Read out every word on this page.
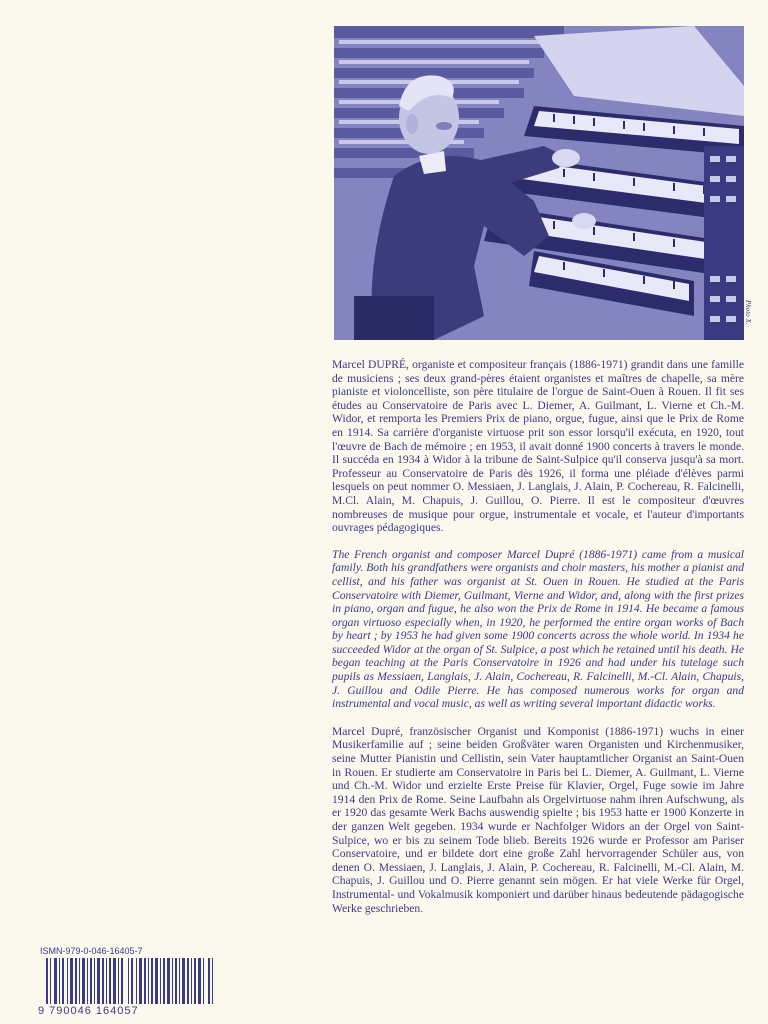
Photo X.

Marcel DUPRÉ, organiste et compositeur français (1886-1971) grandit dans une famille de musiciens ; ses deux grand-pères étaient organistes et maîtres de chapelle, sa mère pianiste et violoncelliste, son père titulaire de l'orgue de Saint-Ouen à Rouen. Il fit ses études au Conservatoire de Paris avec L. Diemer, A. Guilmant, L. Vierne et Ch.-M. Widor, et remporta les Premiers Prix de piano, orgue, fugue, ainsi que le Prix de Rome en 1914. Sa carrière d'organiste virtuose prit son essor lorsqu'il exécuta, en 1920, tout l'œuvre de Bach de mémoire ; en 1953, il avait donné 1900 concerts à travers le monde. Il succéda en 1934 à Widor à la tribune de Saint-Sulpice qu'il conserva jusqu'à sa mort. Professeur au Conservatoire de Paris dès 1926, il forma une pléiade d'élèves parmi lesquels on peut nommer O. Messiaen, J. Langlais, J. Alain, P. Cochereau, R. Falcinelli, M.Cl. Alain, M. Chapuis, J. Guillou, O. Pierre. Il est le compositeur d'œuvres nombreuses de musique pour orgue, instrumentale et vocale, et l'auteur d'importants ouvrages pédagogiques.

The French organist and composer Marcel Dupré (1886-1971) came from a musical family. Both his grandfathers were organists and choir masters, his mother a pianist and cellist, and his father was organist at St. Ouen in Rouen. He studied at the Paris Conservatoire with Diemer, Guilmant, Vierne and Widor, and, along with the first prizes in piano, organ and fugue, he also won the Prix de Rome in 1914. He became a famous organ virtuoso especially when, in 1920, he performed the entire organ works of Bach by heart ; by 1953 he had given some 1900 concerts across the whole world. In 1934 he succeeded Widor at the organ of St. Sulpice, a post which he retained until his death. He began teaching at the Paris Conservatoire in 1926 and had under his tutelage such pupils as Messiaen, Langlais, J. Alain, Cochereau, R. Falcinelli, M.-Cl. Alain, Chapuis, J. Guillou and Odile Pierre. He has composed numerous works for organ and instrumental and vocal music, as well as writing several important didactic works.

Marcel Dupré, französischer Organist und Komponist (1886-1971) wuchs in einer Musikerfamilie auf ; seine beiden Großväter waren Organisten und Kirchenmusiker, seine Mutter Pianistin und Cellistin, sein Vater hauptamtlicher Organist an Saint-Ouen in Rouen. Er studierte am Conservatoire in Paris bei L. Diemer, A. Guilmant, L. Vierne und Ch.-M. Widor und erzielte Erste Preise für Klavier, Orgel, Fuge sowie im Jahre 1914 den Prix de Rome. Seine Laufbahn als Orgelvirtuose nahm ihren Aufschwung, als er 1920 das gesamte Werk Bachs auswendig spielte ; bis 1953 hatte er 1900 Konzerte in der ganzen Welt gegeben. 1934 wurde er Nachfolger Widors an der Orgel von Saint-Sulpice, wo er bis zu seinem Tode blieb. Bereits 1926 wurde er Professor am Pariser Conservatoire, und er bildete dort eine große Zahl hervorragender Schüler aus, von denen O. Messiaen, J. Langlais, J. Alain, P. Cochereau, R. Falcinelli, M.-Cl. Alain, M. Chapuis, J. Guillou und O. Pierre genannt sein mögen. Er hat viele Werke für Orgel, Instrumental- und Vokalmusik komponiert und darüber hinaus bedeutende pädagogische Werke geschrieben.

ISMN-979-0-046-16405-7
9 790046 164057
